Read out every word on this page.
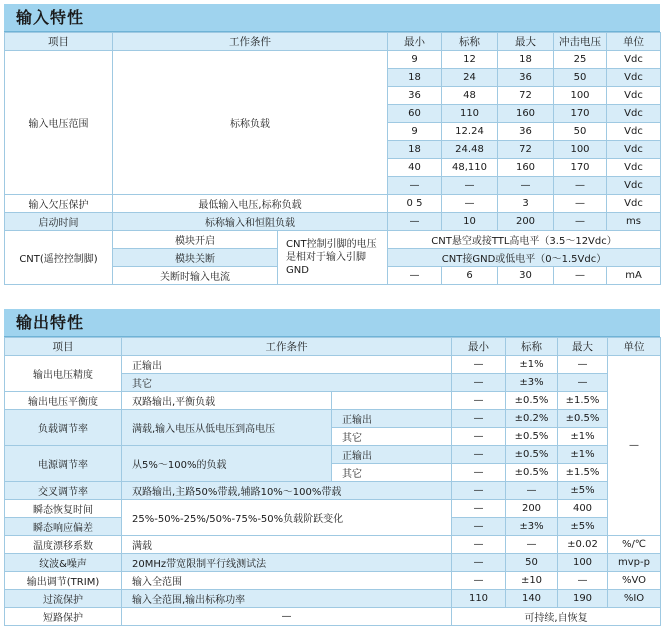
输入特性
项目	工作条件		最小	标称	最大	冲击电压	单位
输入电压范围	标称负载		9	12	18	25	Vdc
			18	24	36	50	Vdc
			36	48	72	100	Vdc
			60	110	160	170	Vdc
			9	12.24	36	50	Vdc
			18	24.48	72	100	Vdc
			40	48,110	160	170	Vdc
			—	—	—	—	Vdc
输入欠压保护	最低输入电压,标称负载		0 5	—	3	—	Vdc
启动时间	标称输入和恒阻负载		—	10	200	—	ms
CNT(遥控控制脚)	模块开启	CNT控制引脚的电压是相对于输入引脚GND	CNT悬空或接TTL高电平（3.5～12Vdc）				
	模块关断		CNT接GND或低电平（0～1.5Vdc）				
	关断时输入电流		—	6	30	—	mA
输出特性
项目	工作条件		最小	标称	最大	单位
输出电压精度	正输出		—	±1%	—	—
	其它		—	±3%	—	
输出电压平衡度	双路输出,平衡负载		—	±0.5%	±1.5%	
负载调节率	满载,输入电压从低电压到高电压	正输出	—	±0.2%	±0.5%	
		其它	—	±0.5%	±1%	
电源调节率	从5%～100%的负载	正输出	—	±0.5%	±1%	
		其它	—	±0.5%	±1.5%	
交叉调节率	双路输出,主路50%带载,辅路10%～100%带载		—	—	±5%	
瞬态恢复时间	25%-50%-25%/50%-75%-50%负载阶跃变化		—	200	400	
瞬态响应偏差			—	±3%	±5%	
温度漂移系数	满载		—	—	±0.02	%/℃
纹波&噪声	20MHz带宽限制平行线测试法		—	50	100	mvp-p
输出调节(TRIM)	输入全范围		—	±10	—	%VO
过流保护	输入全范围,输出标称功率		110	140	190	%IO
短路保护	—		可持续,自恢复			
